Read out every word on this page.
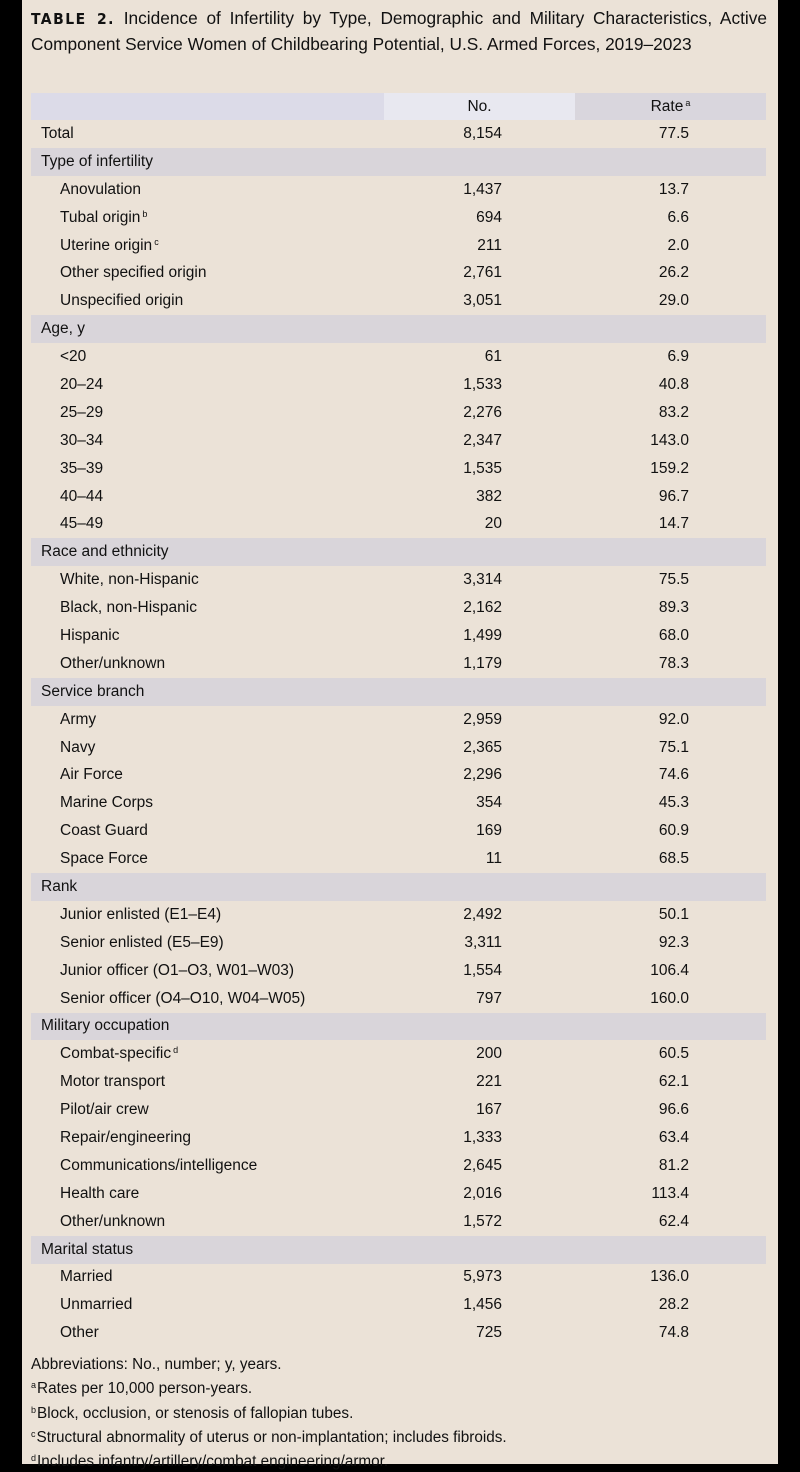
TABLE 2. Incidence of Infertility by Type, Demographic and Military Characteristics, Active Component Service Women of Childbearing Potential, U.S. Armed Forces, 2019–2023
	No.	Rate $^a$
Total	8,154	77.5
Type of infertility		
Anovulation	1,437	13.7
Tubal origin $^b$	694	6.6
Uterine origin $^c$	211	2.0
Other specified origin	2,761	26.2
Unspecified origin	3,051	29.0
Age, y		
<20	61	6.9
20–24	1,533	40.8
25–29	2,276	83.2
30–34	2,347	143.0
35–39	1,535	159.2
40–44	382	96.7
45–49	20	14.7
Race and ethnicity		
White, non-Hispanic	3,314	75.5
Black, non-Hispanic	2,162	89.3
Hispanic	1,499	68.0
Other/unknown	1,179	78.3
Service branch		
Army	2,959	92.0
Navy	2,365	75.1
Air Force	2,296	74.6
Marine Corps	354	45.3
Coast Guard	169	60.9
Space Force	11	68.5
Rank		
Junior enlisted (E1–E4)	2,492	50.1
Senior enlisted (E5–E9)	3,311	92.3
Junior officer (O1–O3, W01–W03)	1,554	106.4
Senior officer (O4–O10, W04–W05)	797	160.0
Military occupation		
Combat-specific $^d$	200	60.5
Motor transport	221	62.1
Pilot/air crew	167	96.6
Repair/engineering	1,333	63.4
Communications/intelligence	2,645	81.2
Health care	2,016	113.4
Other/unknown	1,572	62.4
Marital status		
Married	5,973	136.0
Unmarried	1,456	28.2
Other	725	74.8
Abbreviations: No., number; y, years.
$^a$Rates per 10,000 person-years.
$^b$Block, occlusion, or stenosis of fallopian tubes.
$^c$Structural abnormality of uterus or non-implantation; includes fibroids.
$^d$Includes infantry/artillery/combat engineering/armor.
